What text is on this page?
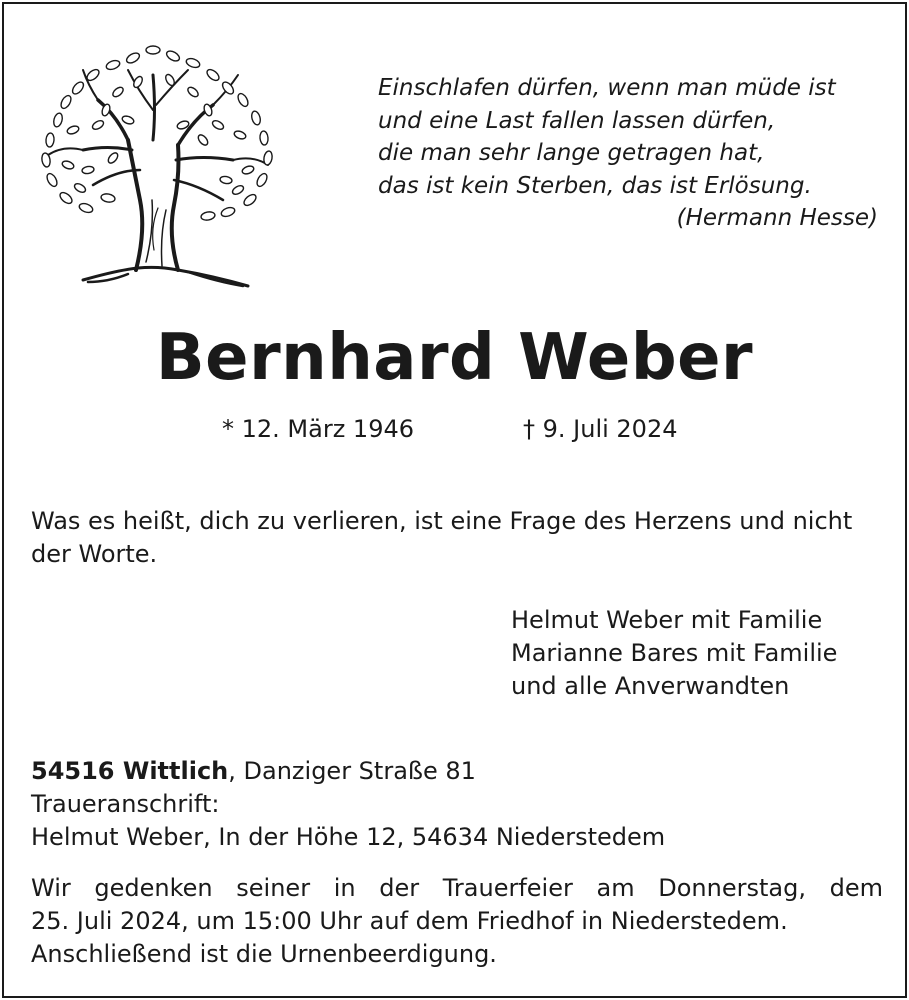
Einschlafen dürfen, wenn man müde ist
und eine Last fallen lassen dürfen,
die man sehr lange getragen hat,
das ist kein Sterben, das ist Erlösung.
(Hermann Hesse)
Bernhard Weber
* 12. März 1946	† 9. Juli 2024
Was es heißt, dich zu verlieren, ist eine Frage des Herzens und nicht der Worte.
Helmut Weber mit Familie
Marianne Bares mit Familie
und alle Anverwandten
54516 Wittlich, Danziger Straße 81
Traueranschrift:
Helmut Weber, In der Höhe 12, 54634 Niederstedem
Wir gedenken seiner in der Trauerfeier am Donnerstag, dem
25. Juli 2024, um 15:00 Uhr auf dem Friedhof in Niederstedem.
Anschließend ist die Urnenbeerdigung.
